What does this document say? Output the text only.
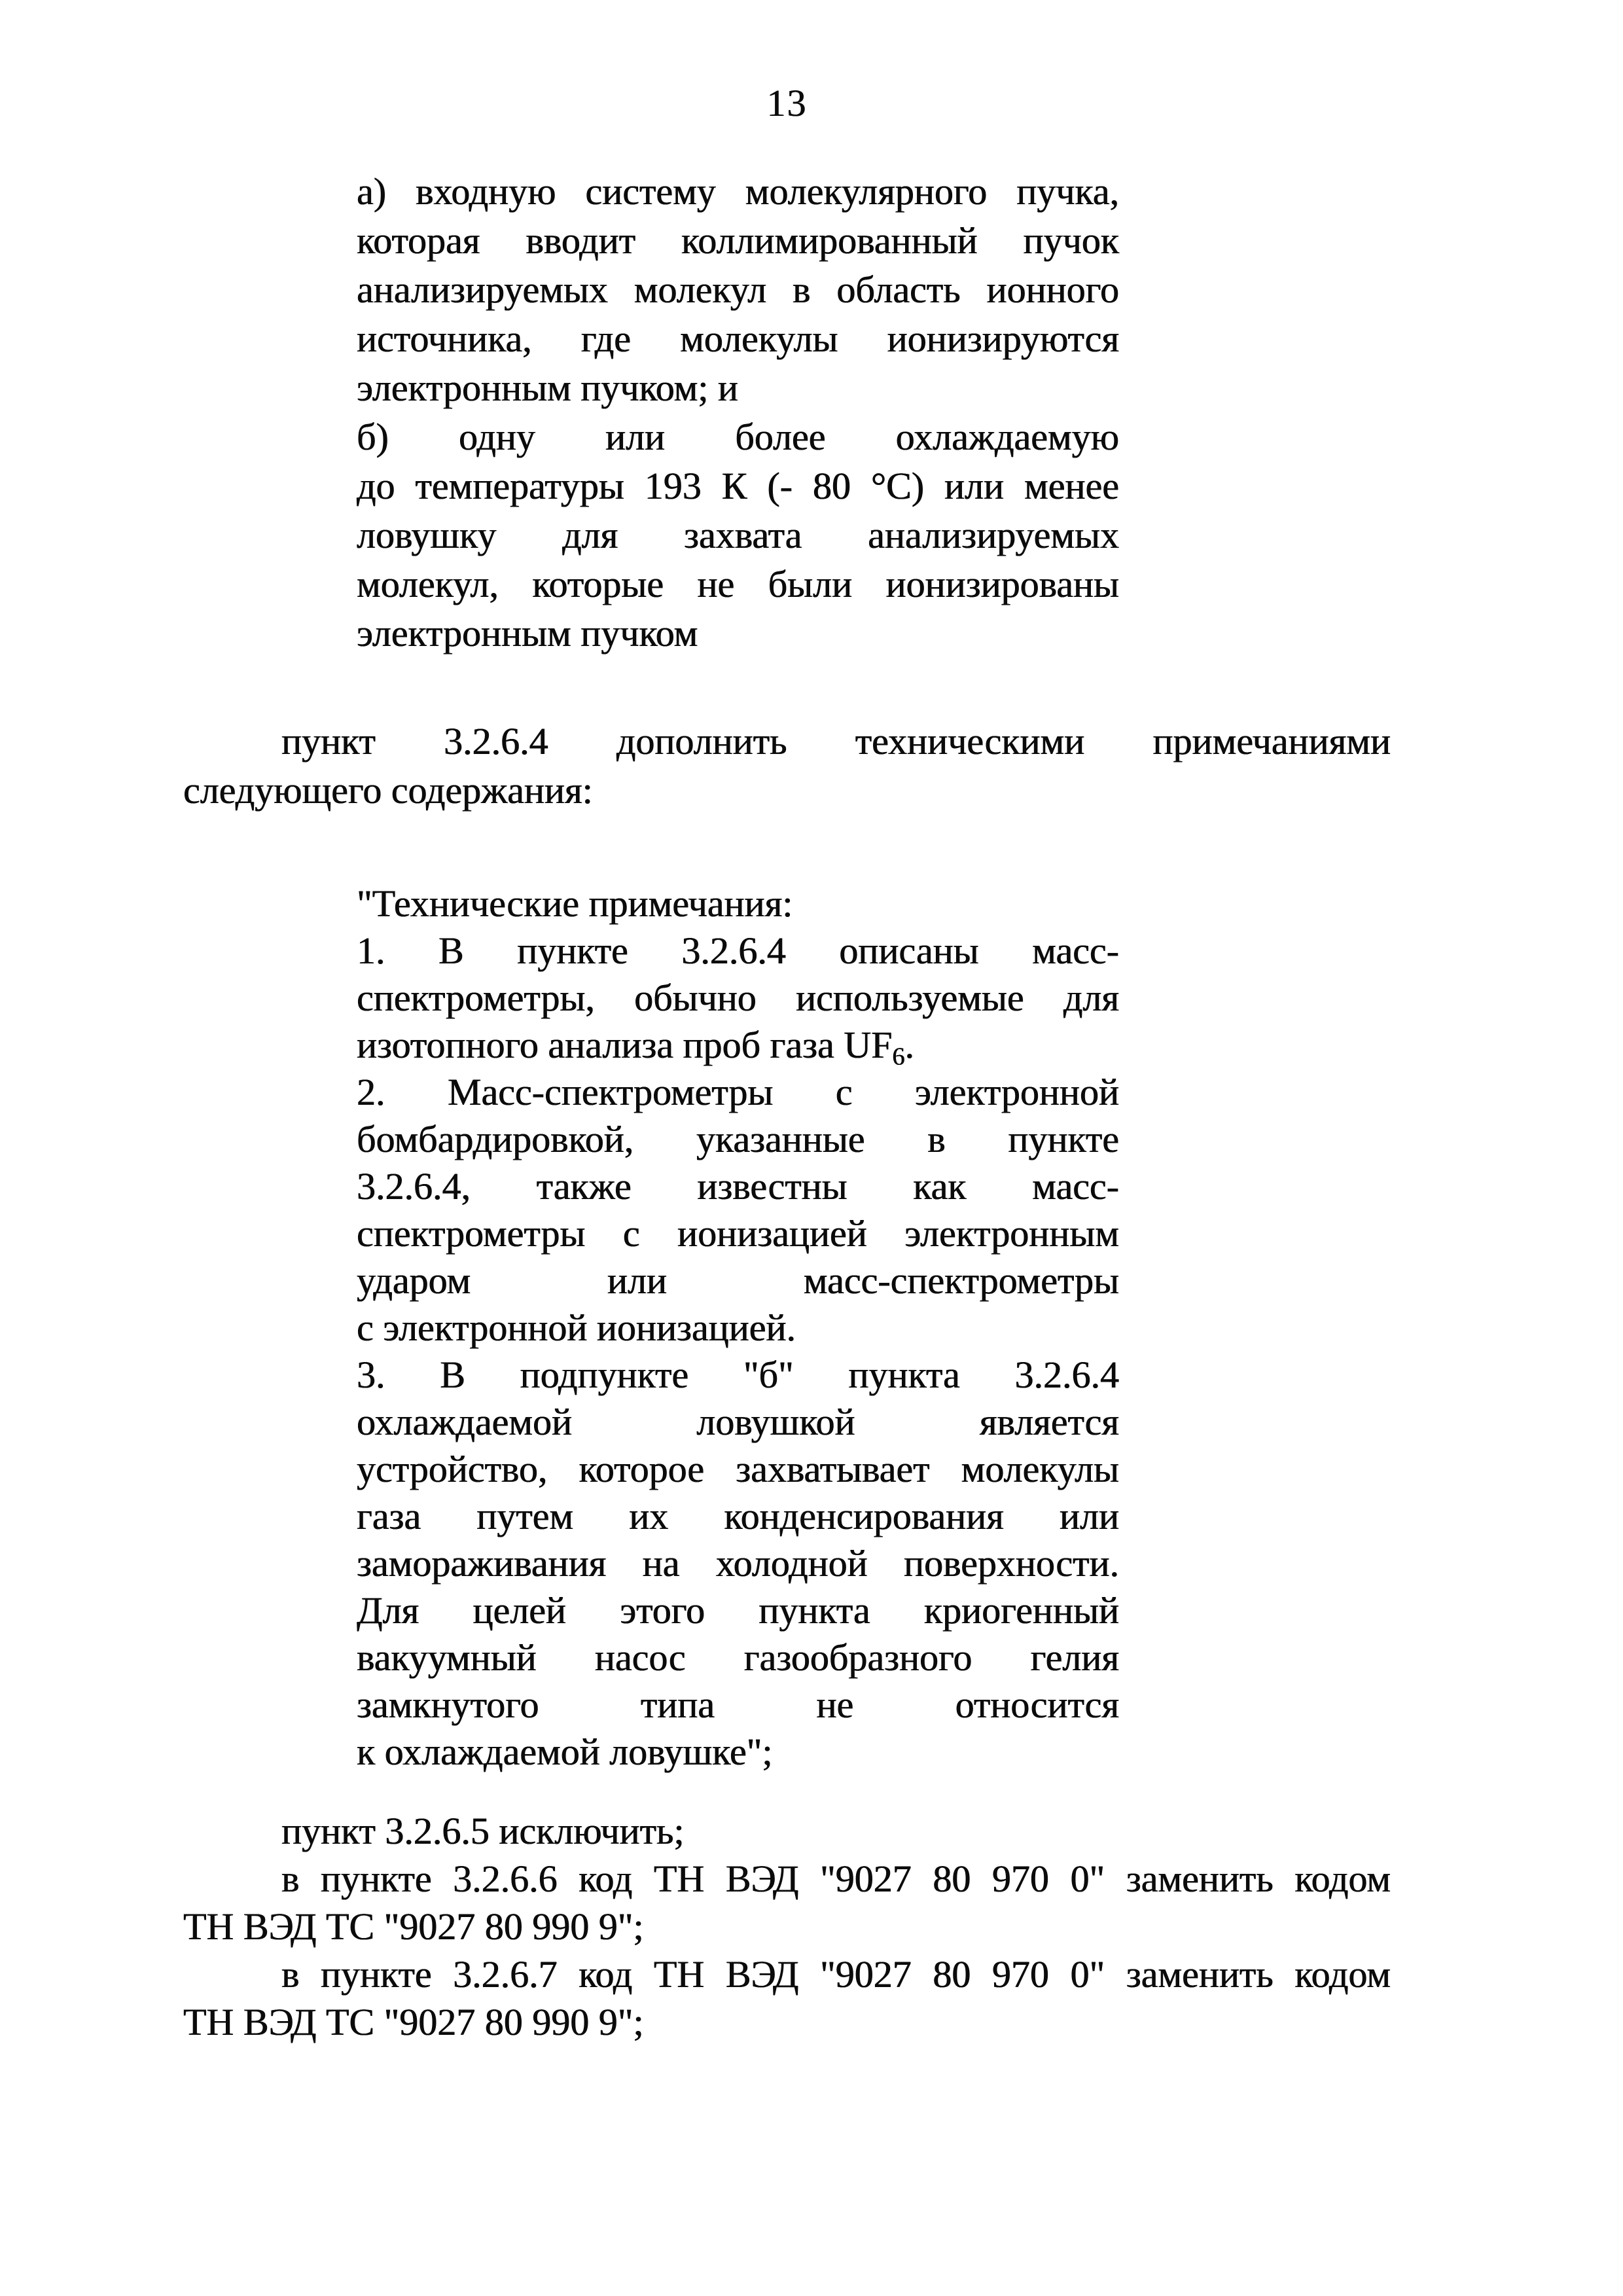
13
а) входную систему молекулярного пучка,
которая вводит коллимированный пучок
анализируемых молекул в область ионного
источника, где молекулы ионизируются
электронным пучком; и
б) одну или более охлаждаемую
до температуры 193 К (- 80 °С) или менее
ловушку для захвата анализируемых
молекул, которые не были ионизированы
электронным пучком
пункт 3.2.6.4 дополнить техническими примечаниями
следующего содержания:
"Технические примечания:
1. В пункте 3.2.6.4 описаны масс-
спектрометры, обычно используемые для
изотопного анализа проб газа $UF_6$.
2. Масс-спектрометры с электронной
бомбардировкой, указанные в пункте
3.2.6.4, также известны как масс-
спектрометры с ионизацией электронным
ударом или масс-спектрометры
с электронной ионизацией.
3. В подпункте "б" пункта 3.2.6.4
охлаждаемой ловушкой является
устройство, которое захватывает молекулы
газа путем их конденсирования или
замораживания на холодной поверхности.
Для целей этого пункта криогенный
вакуумный насос газообразного гелия
замкнутого типа не относится
к охлаждаемой ловушке";
пункт 3.2.6.5 исключить;
в пункте 3.2.6.6 код ТН ВЭД "9027 80 970 0" заменить кодом
ТН ВЭД ТС "9027 80 990 9";
в пункте 3.2.6.7 код ТН ВЭД "9027 80 970 0" заменить кодом
ТН ВЭД ТС "9027 80 990 9";
